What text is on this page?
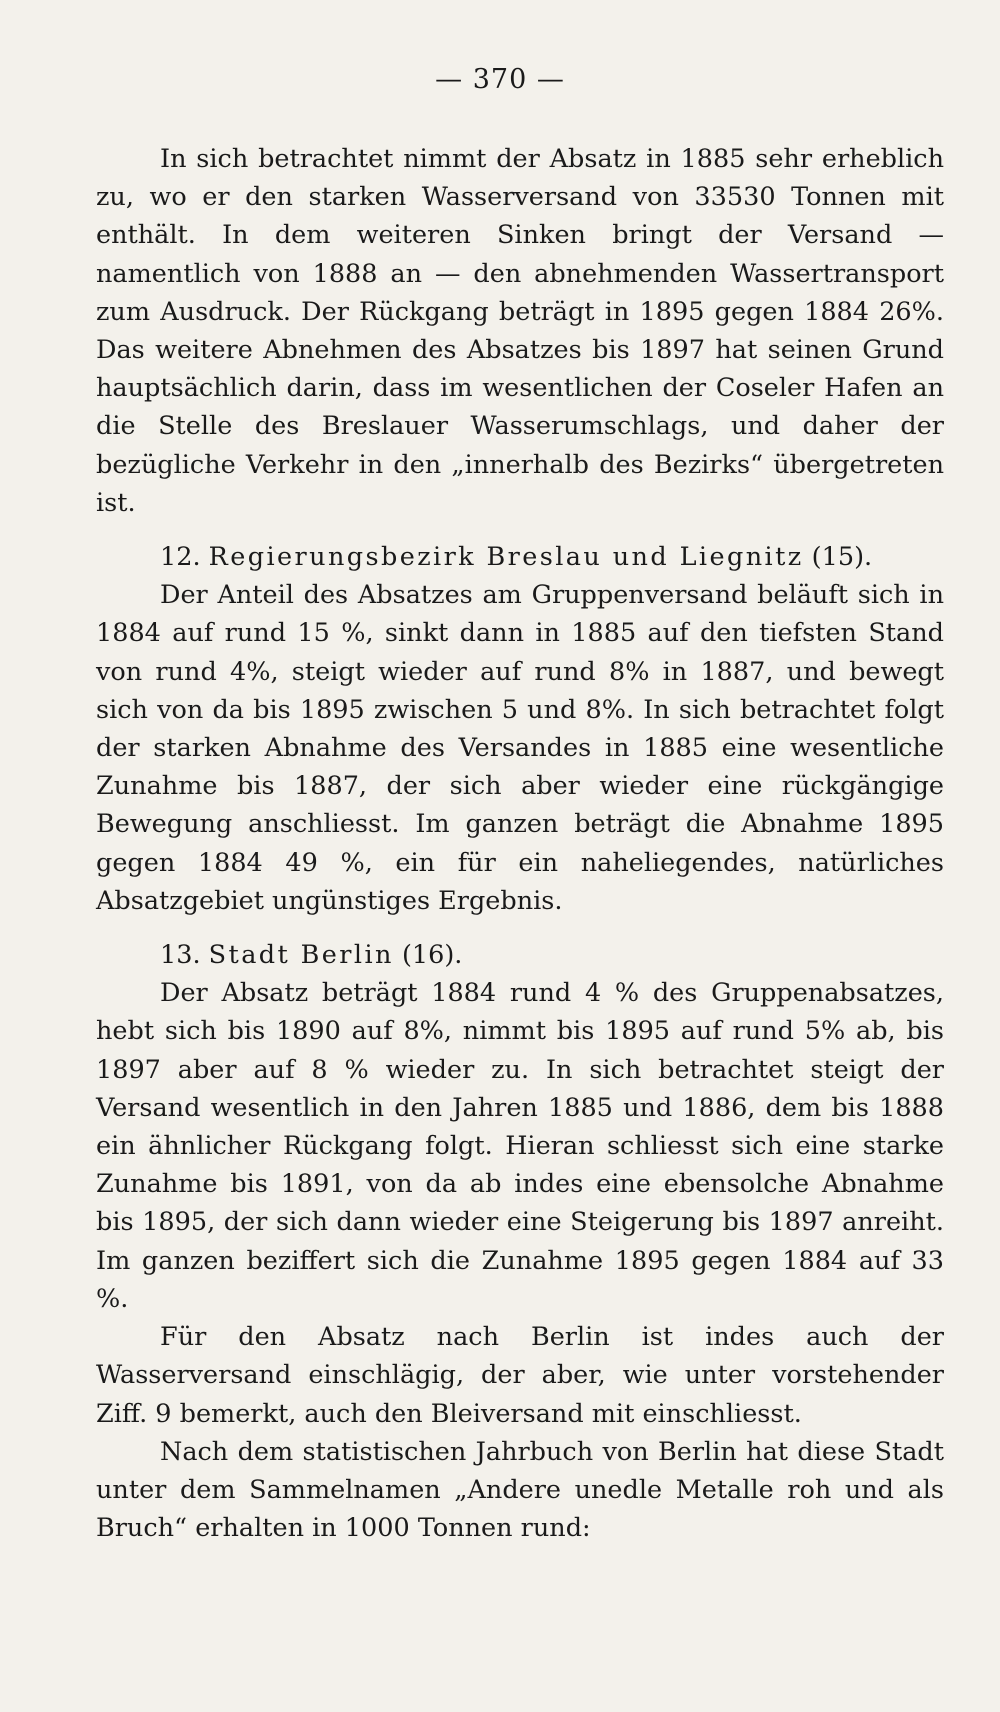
— 370 —

In sich betrachtet nimmt der Absatz in 1885 sehr erheblich zu, wo er den starken Wasserversand von 33530 Tonnen mit enthält. In dem weiteren Sinken bringt der Versand — namentlich von 1888 an — den abnehmenden Wassertransport zum Ausdruck. Der Rückgang beträgt in 1895 gegen 1884 26%. Das weitere Abnehmen des Absatzes bis 1897 hat seinen Grund hauptsächlich darin, dass im wesentlichen der Coseler Hafen an die Stelle des Breslauer Wasserumschlags, und daher der bezügliche Verkehr in den „innerhalb des Bezirks“ übergetreten ist.

12. Regierungsbezirk Breslau und Liegnitz (15).

Der Anteil des Absatzes am Gruppenversand beläuft sich in 1884 auf rund 15 %, sinkt dann in 1885 auf den tiefsten Stand von rund 4%, steigt wieder auf rund 8% in 1887, und bewegt sich von da bis 1895 zwischen 5 und 8%. In sich betrachtet folgt der starken Abnahme des Versandes in 1885 eine wesentliche Zunahme bis 1887, der sich aber wieder eine rückgängige Bewegung anschliesst. Im ganzen beträgt die Abnahme 1895 gegen 1884 49 %, ein für ein naheliegendes, natürliches Absatzgebiet ungünstiges Ergebnis.

13. Stadt Berlin (16).

Der Absatz beträgt 1884 rund 4 % des Gruppenabsatzes, hebt sich bis 1890 auf 8%, nimmt bis 1895 auf rund 5% ab, bis 1897 aber auf 8 % wieder zu. In sich betrachtet steigt der Versand wesentlich in den Jahren 1885 und 1886, dem bis 1888 ein ähnlicher Rückgang folgt. Hieran schliesst sich eine starke Zunahme bis 1891, von da ab indes eine ebensolche Abnahme bis 1895, der sich dann wieder eine Steigerung bis 1897 anreiht. Im ganzen beziffert sich die Zunahme 1895 gegen 1884 auf 33 %.

Für den Absatz nach Berlin ist indes auch der Wasserversand einschlägig, der aber, wie unter vorstehender Ziff. 9 bemerkt, auch den Bleiversand mit einschliesst.

Nach dem statistischen Jahrbuch von Berlin hat diese Stadt unter dem Sammelnamen „Andere unedle Metalle roh und als Bruch“ erhalten in 1000 Tonnen rund:
